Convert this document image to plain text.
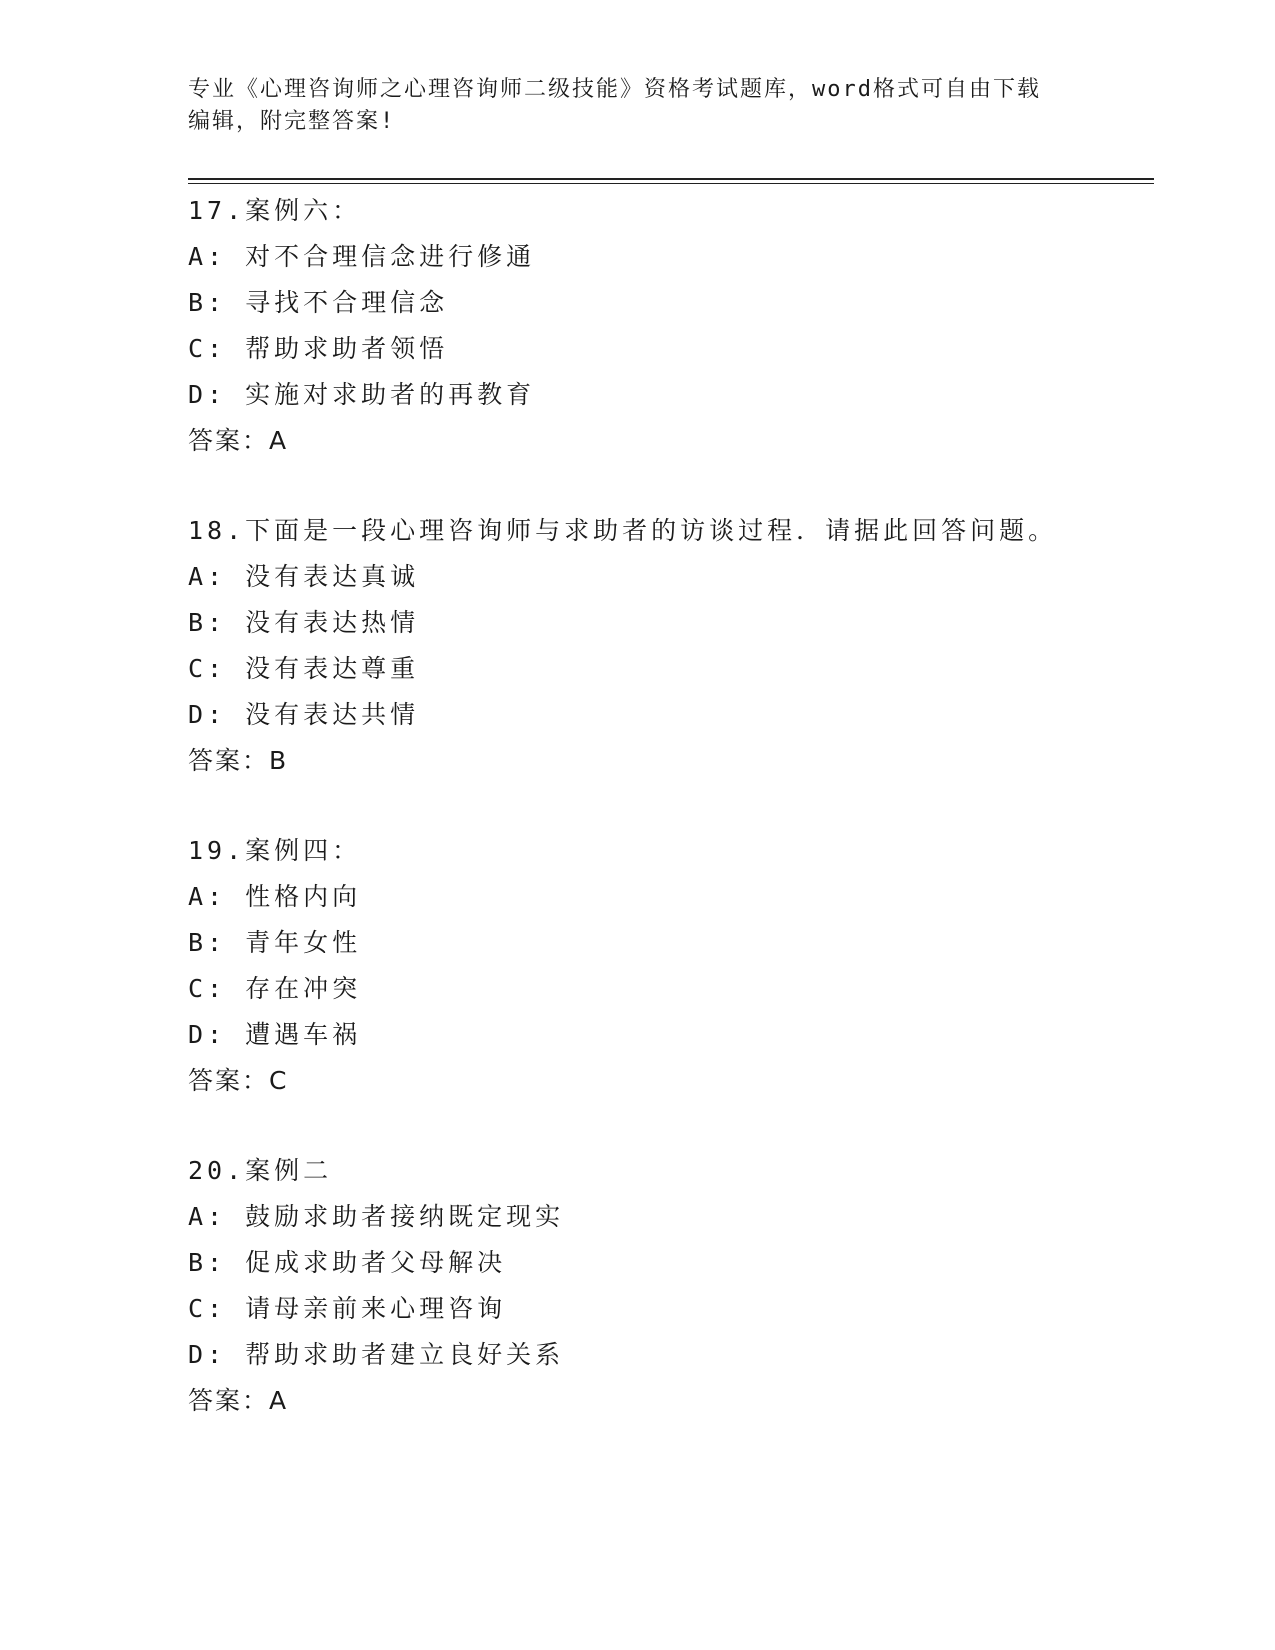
专业《心理咨询师之心理咨询师二级技能》资格考试题库，word格式可自由下载
编辑，附完整答案!
17.案例六：
A: 对不合理信念进行修通
B: 寻找不合理信念
C: 帮助求助者领悟
D: 实施对求助者的再教育
答案：A
18.下面是一段心理咨询师与求助者的访谈过程．请据此回答问题。
A: 没有表达真诚
B: 没有表达热情
C: 没有表达尊重
D: 没有表达共情
答案：B
19.案例四：
A: 性格内向
B: 青年女性
C: 存在冲突
D: 遭遇车祸
答案：C
20.案例二
A: 鼓励求助者接纳既定现实
B: 促成求助者父母解决
C: 请母亲前来心理咨询
D: 帮助求助者建立良好关系
答案：A
